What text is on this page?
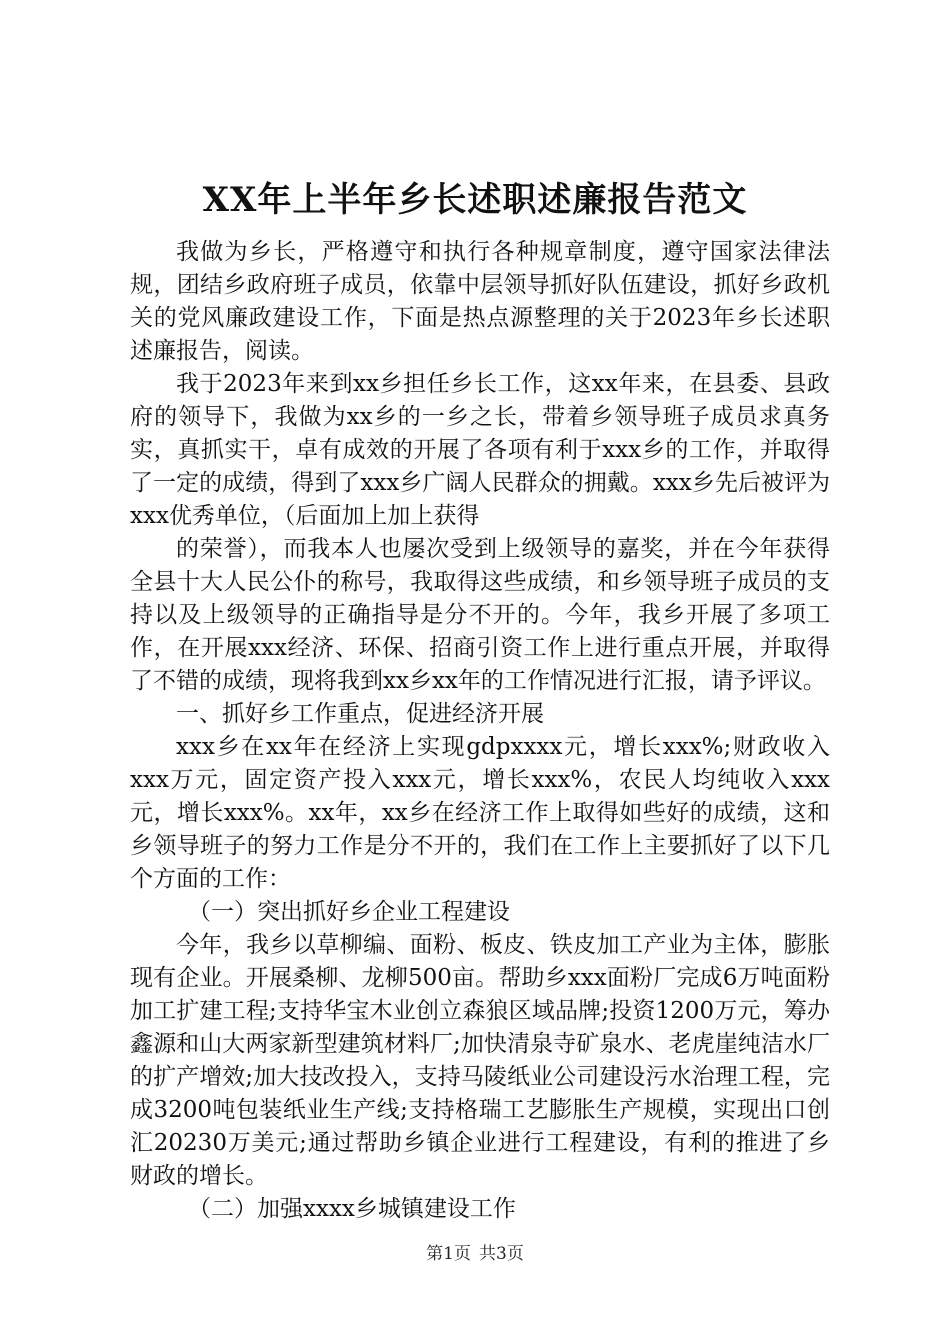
XX年上半年乡长述职述廉报告范文

我做为乡长，严格遵守和执行各种规章制度，遵守国家法律法规，团结乡政府班子成员，依靠中层领导抓好队伍建设，抓好乡政机关的党风廉政建设工作，下面是热点源整理的关于2023年乡长述职述廉报告，阅读。

我于2023年来到xx乡担任乡长工作，这xx年来，在县委、县政府的领导下，我做为xx乡的一乡之长，带着乡领导班子成员求真务实，真抓实干，卓有成效的开展了各项有利于xxx乡的工作，并取得了一定的成绩，得到了xxx乡广阔人民群众的拥戴。xxx乡先后被评为xxx优秀单位，（后面加上加上获得

的荣誉），而我本人也屡次受到上级领导的嘉奖，并在今年获得全县十大人民公仆的称号，我取得这些成绩，和乡领导班子成员的支持以及上级领导的正确指导是分不开的。今年，我乡开展了多项工作，在开展xxx经济、环保、招商引资工作上进行重点开展，并取得了不错的成绩，现将我到xx乡xx年的工作情况进行汇报，请予评议。

一、抓好乡工作重点，促进经济开展

xxx乡在xx年在经济上实现gdpxxxx元，增长xxx%;财政收入xxx万元，固定资产投入xxx元，增长xxx%，农民人均纯收入xxx元，增长xxx%。xx年，xx乡在经济工作上取得如些好的成绩，这和乡领导班子的努力工作是分不开的，我们在工作上主要抓好了以下几个方面的工作：

（一）突出抓好乡企业工程建设

今年，我乡以草柳编、面粉、板皮、铁皮加工产业为主体，膨胀现有企业。开展桑柳、龙柳500亩。帮助乡xxx面粉厂完成6万吨面粉加工扩建工程;支持华宝木业创立森狼区域品牌;投资1200万元，筹办鑫源和山大两家新型建筑材料厂;加快清泉寺矿泉水、老虎崖纯洁水厂的扩产增效;加大技改投入，支持马陵纸业公司建设污水治理工程，完成3200吨包装纸业生产线;支持格瑞工艺膨胀生产规模，实现出口创汇20230万美元;通过帮助乡镇企业进行工程建设，有利的推进了乡财政的增长。

（二）加强xxxx乡城镇建设工作

第1页 共3页
